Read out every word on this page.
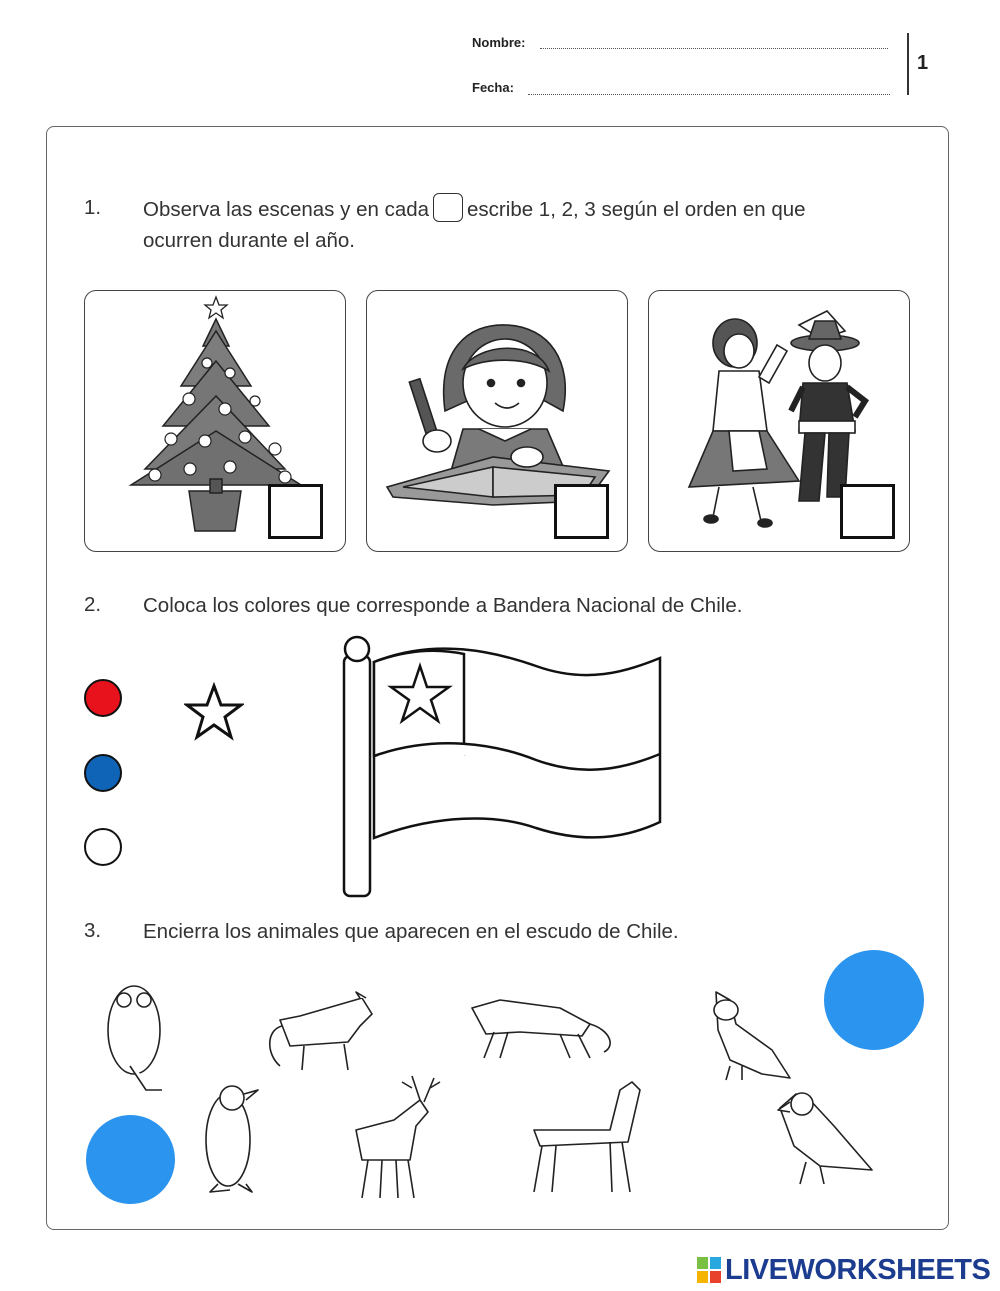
Nombre:
Fecha:
1
1. Observa las escenas y en cada escribe 1, 2, 3 según el orden en que
ocurren durante el año.
2. Coloca los colores que corresponde a Bandera Nacional de Chile.
3. Encierra los animales que aparecen en el escudo de Chile.
LIVEWORKSHEETS
